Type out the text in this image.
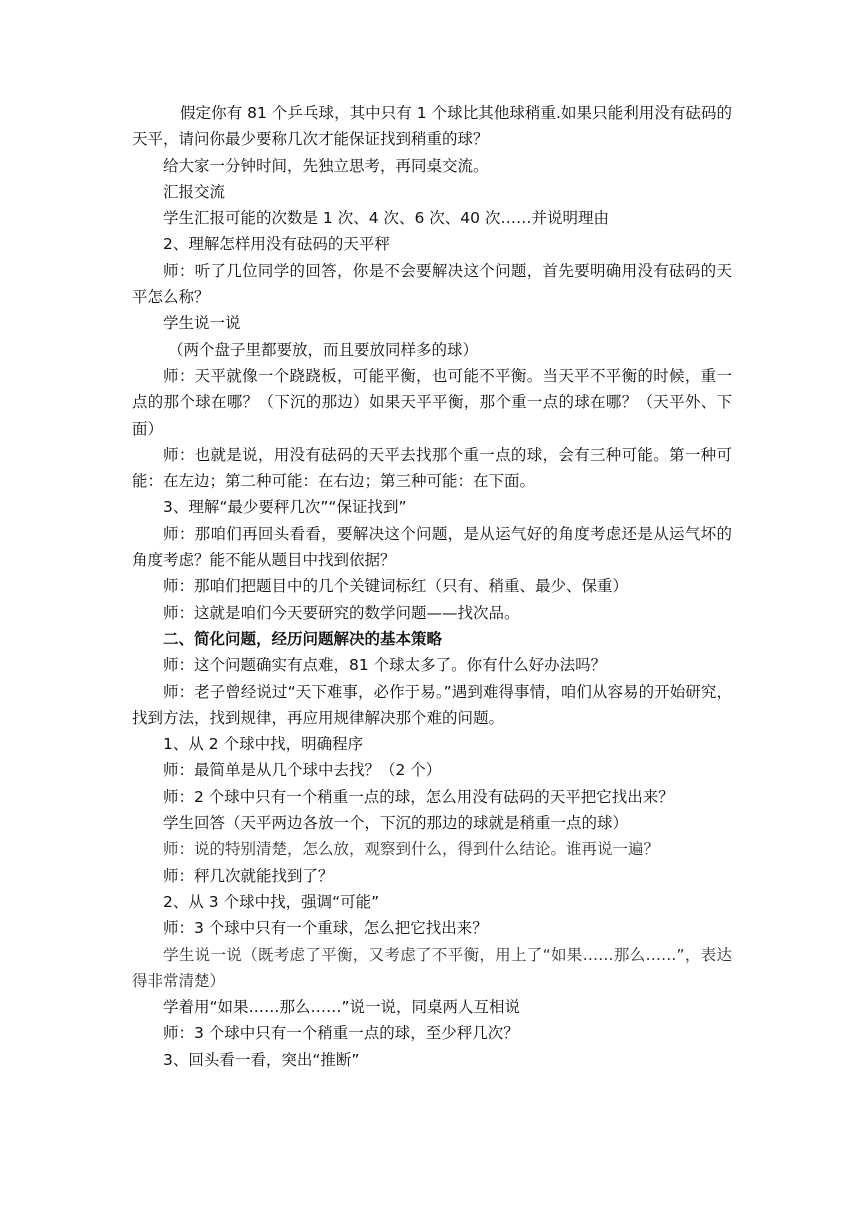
假定你有 81 个乒乓球，其中只有 1 个球比其他球稍重.如果只能利用没有砝码的天平，请问你最少要称几次才能保证找到稍重的球？

给大家一分钟时间，先独立思考，再同桌交流。

汇报交流

学生汇报可能的次数是 1 次、4 次、6 次、40 次……并说明理由

2、理解怎样用没有砝码的天平秤

师：听了几位同学的回答，你是不会要解决这个问题，首先要明确用没有砝码的天平怎么称？

学生说一说

（两个盘子里都要放，而且要放同样多的球）

师：天平就像一个跷跷板，可能平衡，也可能不平衡。当天平不平衡的时候，重一点的那个球在哪？（下沉的那边）如果天平平衡，那个重一点的球在哪？（天平外、下面）

师：也就是说，用没有砝码的天平去找那个重一点的球，会有三种可能。第一种可能：在左边；第二种可能：在右边；第三种可能：在下面。

3、理解“最少要秤几次”“保证找到”

师：那咱们再回头看看，要解决这个问题，是从运气好的角度考虑还是从运气坏的角度考虑？能不能从题目中找到依据？

师：那咱们把题目中的几个关键词标红（只有、稍重、最少、保重）

师：这就是咱们今天要研究的数学问题——找次品。

二、简化问题，经历问题解决的基本策略

师：这个问题确实有点难，81 个球太多了。你有什么好办法吗？

师：老子曾经说过“天下难事，必作于易。”遇到难得事情，咱们从容易的开始研究，找到方法，找到规律，再应用规律解决那个难的问题。

1、从 2 个球中找，明确程序

师：最简单是从几个球中去找？（2 个）

师：2 个球中只有一个稍重一点的球，怎么用没有砝码的天平把它找出来？

学生回答（天平两边各放一个，下沉的那边的球就是稍重一点的球）

师：说的特别清楚，怎么放，观察到什么，得到什么结论。谁再说一遍？

师：秤几次就能找到了？

2、从 3 个球中找，强调“可能”

师：3 个球中只有一个重球，怎么把它找出来？

学生说一说（既考虑了平衡，又考虑了不平衡，用上了“如果……那么……”，表达得非常清楚）

学着用“如果……那么……”说一说，同桌两人互相说

师：3 个球中只有一个稍重一点的球，至少秤几次？

3、回头看一看，突出“推断”
